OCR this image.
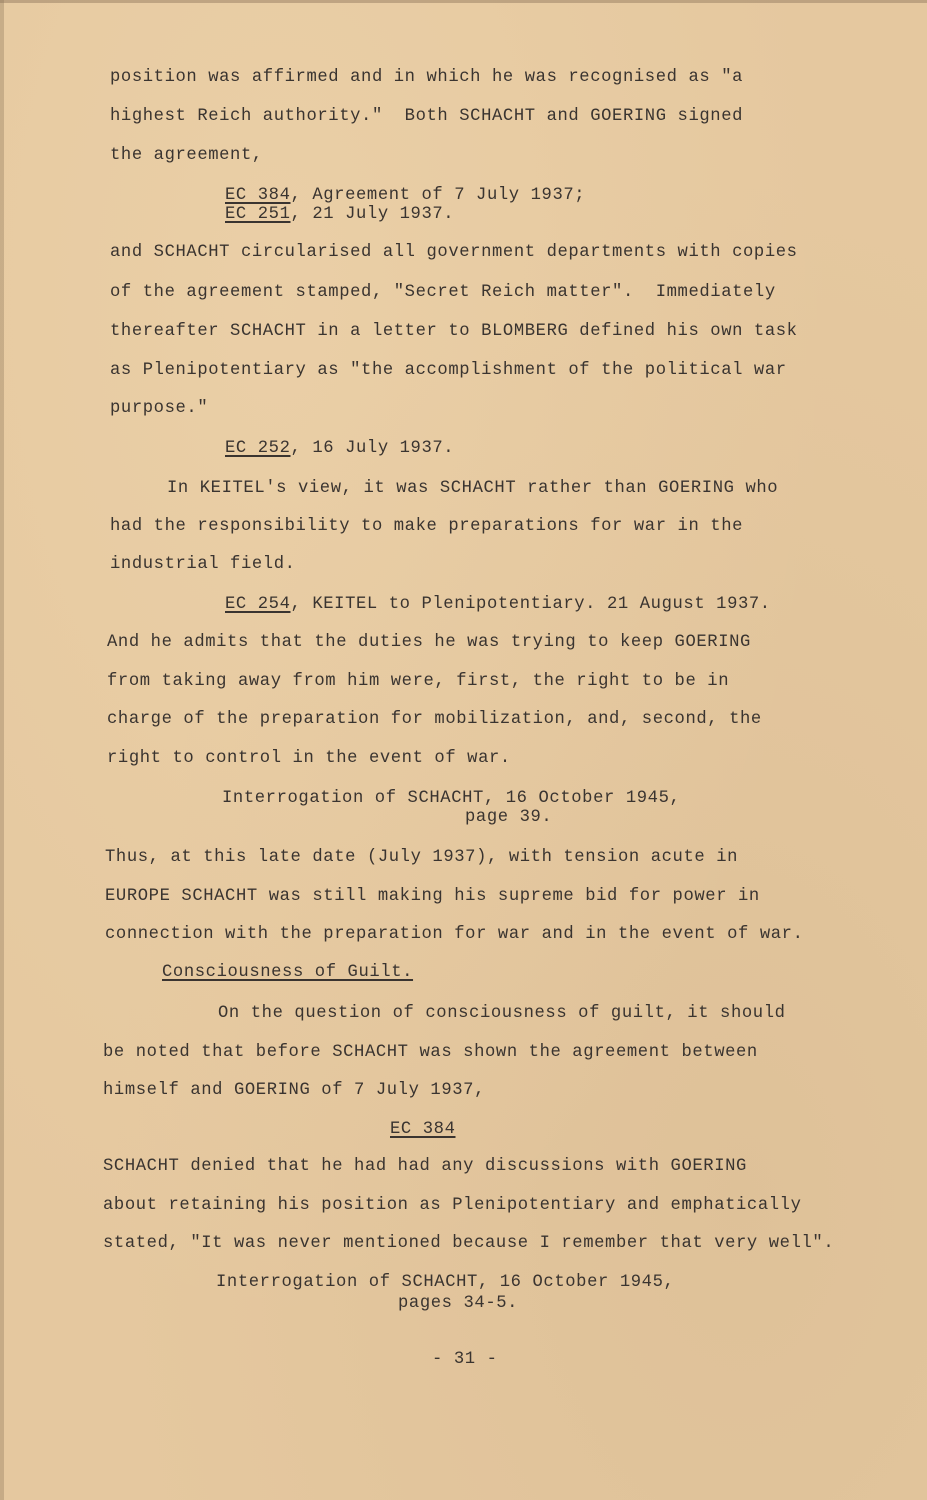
position was affirmed and in which he was recognised as "a
highest Reich authority."  Both SCHACHT and GOERING signed
the agreement,
EC 384, Agreement of 7 July 1937;
EC 251, 21 July 1937.
and SCHACHT circularised all government departments with copies
of the agreement stamped, "Secret Reich matter".  Immediately
thereafter SCHACHT in a letter to BLOMBERG defined his own task
as Plenipotentiary as "the accomplishment of the political war
purpose."
EC 252, 16 July 1937.
In KEITEL's view, it was SCHACHT rather than GOERING who
had the responsibility to make preparations for war in the
industrial field.
EC 254, KEITEL to Plenipotentiary. 21 August 1937.
And he admits that the duties he was trying to keep GOERING
from taking away from him were, first, the right to be in
charge of the preparation for mobilization, and, second, the
right to control in the event of war.
Interrogation of SCHACHT, 16 October 1945,
page 39.
Thus, at this late date (July 1937), with tension acute in
EUROPE SCHACHT was still making his supreme bid for power in
connection with the preparation for war and in the event of war.
Consciousness of Guilt.
On the question of consciousness of guilt, it should
be noted that before SCHACHT was shown the agreement between
himself and GOERING of 7 July 1937,
EC 384
SCHACHT denied that he had had any discussions with GOERING
about retaining his position as Plenipotentiary and emphatically
stated, "It was never mentioned because I remember that very well".
Interrogation of SCHACHT, 16 October 1945,
pages 34-5.
- 31 -
